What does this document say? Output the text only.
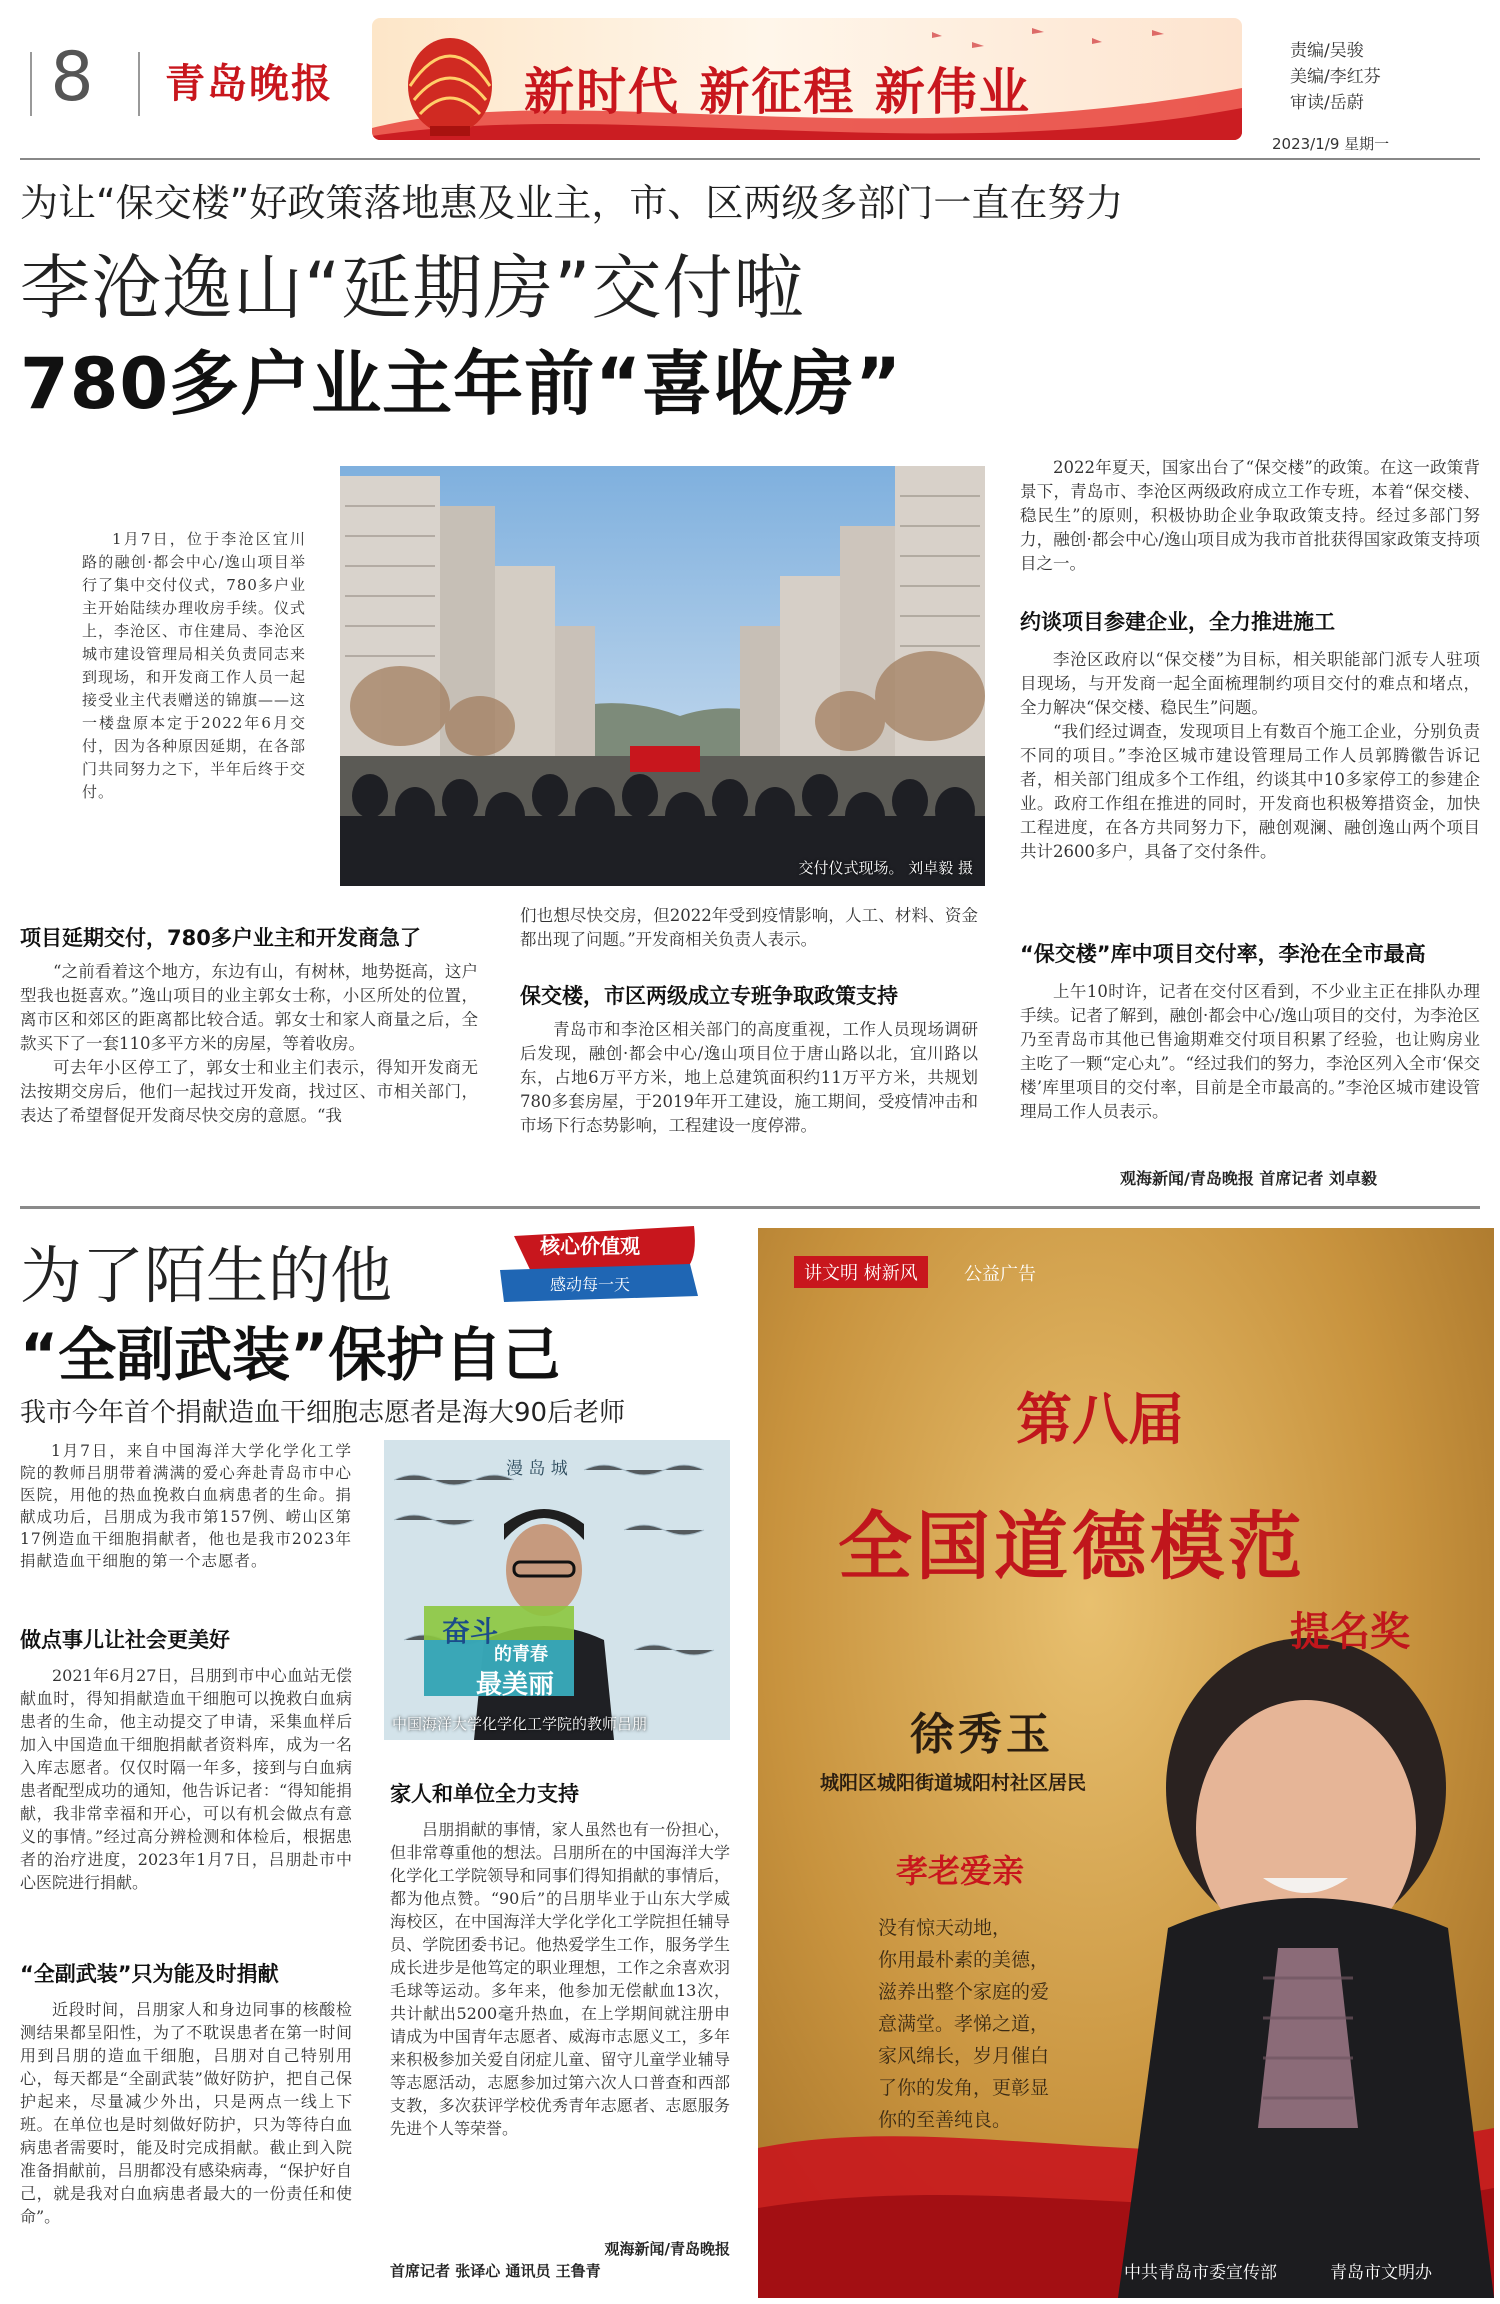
8	青岛晚报	新时代 新征程 新伟业
责编/吴骏
美编/李红芬
审读/岳蔚
2023/1/9 星期一
为让“保交楼”好政策落地惠及业主，市、区两级多部门一直在努力
李沧逸山“延期房”交付啦
780多户业主年前“喜收房”

1月7日，位于李沧区宜川路的融创·都会中心/逸山项目举行了集中交付仪式，780多户业主开始陆续办理收房手续。仪式上，李沧区、市住建局、李沧区城市建设管理局相关负责同志来到现场，和开发商工作人员一起接受业主代表赠送的锦旗——这一楼盘原本定于2022年6月交付，因为各种原因延期，在各部门共同努力之下，半年后终于交付。

交付仪式现场。 刘卓毅 摄
项目延期交付，780多户业主和开发商急了

“之前看着这个地方，东边有山，有树林，地势挺高，这户型我也挺喜欢。”逸山项目的业主郭女士称，小区所处的位置，离市区和郊区的距离都比较合适。郭女士和家人商量之后，全款买下了一套110多平方米的房屋，等着收房。

可去年小区停工了，郭女士和业主们表示，得知开发商无法按期交房后，他们一起找过开发商，找过区、市相关部门，表达了希望督促开发商尽快交房的意愿。“我

们也想尽快交房，但2022年受到疫情影响，人工、材料、资金都出现了问题。”开发商相关负责人表示。

保交楼，市区两级成立专班争取政策支持

青岛市和李沧区相关部门的高度重视，工作人员现场调研后发现，融创·都会中心/逸山项目位于唐山路以北，宜川路以东，占地6万平方米，地上总建筑面积约11万平方米，共规划780多套房屋，于2019年开工建设，施工期间，受疫情冲击和市场下行态势影响，工程建设一度停滞。

2022年夏天，国家出台了“保交楼”的政策。在这一政策背景下，青岛市、李沧区两级政府成立工作专班，本着“保交楼、稳民生”的原则，积极协助企业争取政策支持。经过多部门努力，融创·都会中心/逸山项目成为我市首批获得国家政策支持项目之一。

约谈项目参建企业，全力推进施工

李沧区政府以“保交楼”为目标，相关职能部门派专人驻项目现场，与开发商一起全面梳理制约项目交付的难点和堵点，全力解决“保交楼、稳民生”问题。

“我们经过调查，发现项目上有数百个施工企业，分别负责不同的项目。”李沧区城市建设管理局工作人员郭腾徽告诉记者，相关部门组成多个工作组，约谈其中10多家停工的参建企业。政府工作组在推进的同时，开发商也积极筹措资金，加快工程进度，在各方共同努力下，融创观澜、融创逸山两个项目共计2600多户，具备了交付条件。

“保交楼”库中项目交付率，李沧在全市最高

上午10时许，记者在交付区看到，不少业主正在排队办理手续。记者了解到，融创·都会中心/逸山项目的交付，为李沧区乃至青岛市其他已售逾期难交付项目积累了经验，也让购房业主吃了一颗“定心丸”。“经过我们的努力，李沧区列入全市‘保交楼’库里项目的交付率，目前是全市最高的。”李沧区城市建设管理局工作人员表示。

观海新闻/青岛晚报 首席记者 刘卓毅
为了陌生的他	核心价值观
感动每一天
“全副武装”保护自己
我市今年首个捐献造血干细胞志愿者是海大90后老师

1月7日，来自中国海洋大学化学化工学院的教师吕朋带着满满的爱心奔赴青岛市中心医院，用他的热血挽救白血病患者的生命。捐献成功后，吕朋成为我市第157例、崂山区第17例造血干细胞捐献者，他也是我市2023年捐献造血干细胞的第一个志愿者。

漫 岛 城
奋斗
的青春
最美丽
中国海洋大学化学化工学院的教师吕朋
做点事儿让社会更美好

2021年6月27日，吕朋到市中心血站无偿献血时，得知捐献造血干细胞可以挽救白血病患者的生命，他主动提交了申请，采集血样后加入中国造血干细胞捐献者资料库，成为一名入库志愿者。仅仅时隔一年多，接到与白血病患者配型成功的通知，他告诉记者：“得知能捐献，我非常幸福和开心，可以有机会做点有意义的事情。”经过高分辨检测和体检后，根据患者的治疗进度，2023年1月7日，吕朋赴市中心医院进行捐献。

“全副武装”只为能及时捐献

近段时间，吕朋家人和身边同事的核酸检测结果都呈阳性，为了不耽误患者在第一时间用到吕朋的造血干细胞，吕朋对自己特别用心，每天都是“全副武装”做好防护，把自己保护起来，尽量减少外出，只是两点一线上下班。在单位也是时刻做好防护，只为等待白血病患者需要时，能及时完成捐献。截止到入院准备捐献前，吕朋都没有感染病毒，“保护好自己，就是我对白血病患者最大的一份责任和使命”。

家人和单位全力支持

吕朋捐献的事情，家人虽然也有一份担心，但非常尊重他的想法。吕朋所在的中国海洋大学化学化工学院领导和同事们得知捐献的事情后，都为他点赞。“90后”的吕朋毕业于山东大学威海校区，在中国海洋大学化学化工学院担任辅导员、学院团委书记。他热爱学生工作，服务学生成长进步是他笃定的职业理想，工作之余喜欢羽毛球等运动。多年来，他参加无偿献血13次，共计献出5200毫升热血，在上学期间就注册申请成为中国青年志愿者、威海市志愿义工，多年来积极参加关爱自闭症儿童、留守儿童学业辅导等志愿活动，志愿参加过第六次人口普查和西部支教，多次获评学校优秀青年志愿者、志愿服务先进个人等荣誉。

观海新闻/青岛晚报
首席记者 张译心 通讯员 王鲁青
讲文明 树新风	公益广告
第八届
全国道德模范
提名奖
徐秀玉
城阳区城阳街道城阳村社区居民
孝老爱亲
没有惊天动地，
你用最朴素的美德，
滋养出整个家庭的爱
意满堂。孝悌之道，
家风绵长，岁月催白
了你的发角，更彰显
你的至善纯良。
中共青岛市委宣传部	青岛市文明办
